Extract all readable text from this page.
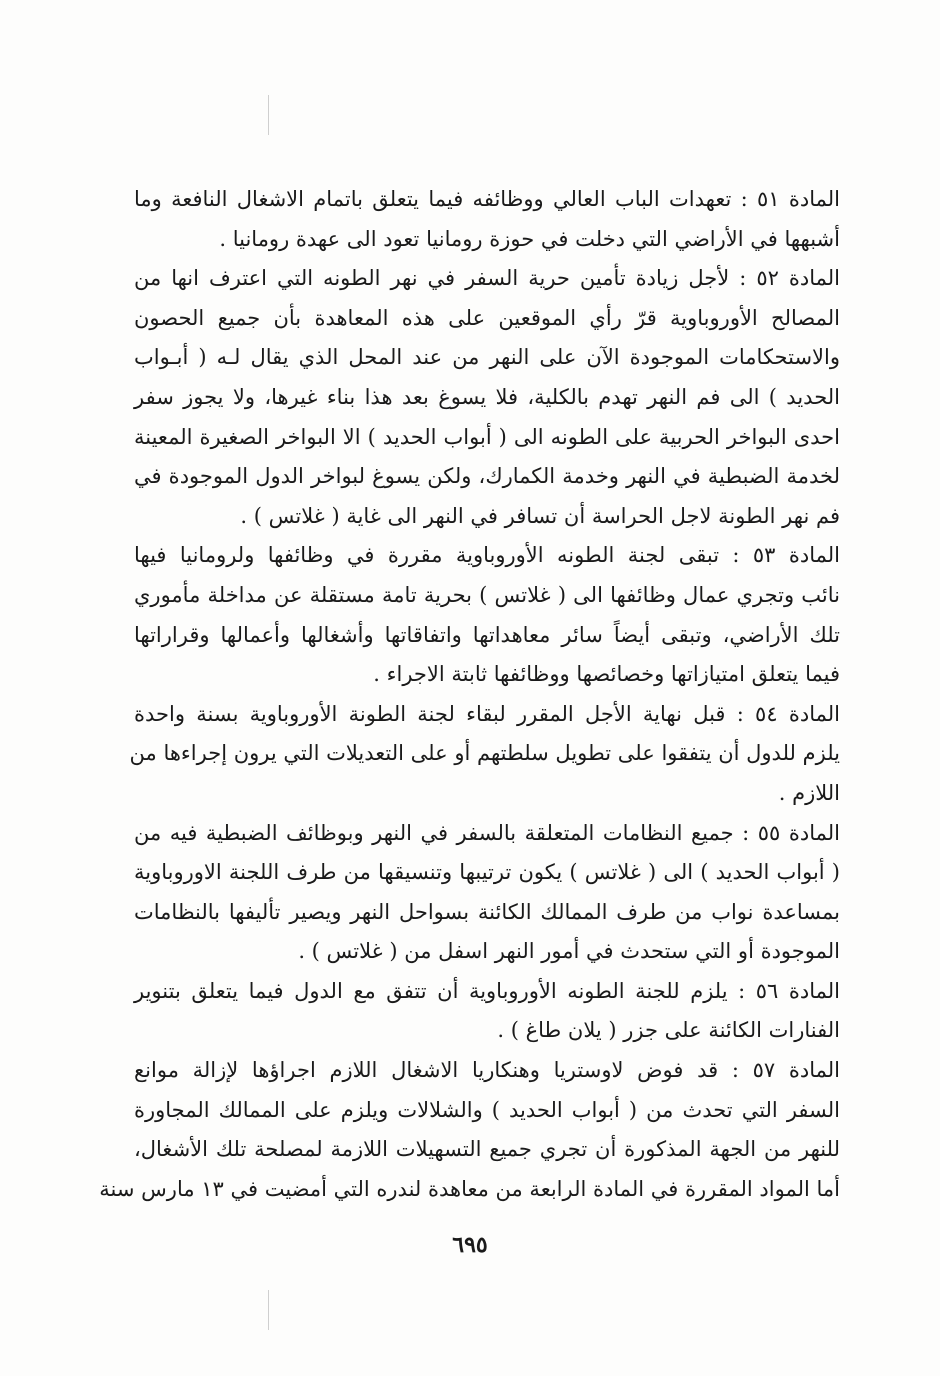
المادة ٥١ : تعهدات الباب العالي ووظائفه فيما يتعلق باتمام الاشغال النافعة وما
أشبهها في الأراضي التي دخلت في حوزة رومانيا تعود الى عهدة رومانيا .
المادة ٥٢ : لأجل زيادة تأمين حرية السفر في نهر الطونه التي اعترف انها من
المصالح الأوروباوية قرّ رأي الموقعين على هذه المعاهدة بأن جميع الحصون
والاستحكامات الموجودة الآن على النهر من عند المحل الذي يقال لـه ( أبـواب
الحديد ) الى فم النهر تهدم بالكلية، فلا يسوغ بعد هذا بناء غيرها، ولا يجوز سفر
احدى البواخر الحربية على الطونه الى ( أبواب الحديد ) الا البواخر الصغيرة المعينة
لخدمة الضبطية في النهر وخدمة الكمارك، ولكن يسوغ لبواخر الدول الموجودة في
فم نهر الطونة لاجل الحراسة أن تسافر في النهر الى غاية ( غلاتس ) .
المادة ٥٣ : تبقى لجنة الطونه الأوروباوية مقررة في وظائفها ولرومانيا فيها
نائب وتجري عمال وظائفها الى ( غلاتس ) بحرية تامة مستقلة عن مداخلة مأموري
تلك الأراضي، وتبقى أيضاً سائر معاهداتها واتفاقاتها وأشغالها وأعمالها وقراراتها
فيما يتعلق امتيازاتها وخصائصها ووظائفها ثابتة الاجراء .
المادة ٥٤ : قبل نهاية الأجل المقرر لبقاء لجنة الطونة الأوروباوية بسنة واحدة
يلزم للدول أن يتفقوا على تطويل سلطتهم أو على التعديلات التي يرون إجراءها من
اللازم .
المادة ٥٥ : جميع النظامات المتعلقة بالسفر في النهر وبوظائف الضبطية فيه من
( أبواب الحديد ) الى ( غلاتس ) يكون ترتيبها وتنسيقها من طرف اللجنة الاوروباوية
بمساعدة نواب من طرف الممالك الكائنة بسواحل النهر ويصير تأليفها بالنظامات
الموجودة أو التي ستحدث في أمور النهر اسفل من ( غلاتس ) .
المادة ٥٦ : يلزم للجنة الطونه الأوروباوية أن تتفق مع الدول فيما يتعلق بتنوير
الفنارات الكائنة على جزر ( يلان طاغ ) .
المادة ٥٧ : قد فوض لاوستريا وهنكاريا الاشغال اللازم اجراؤها لإزالة موانع
السفر التي تحدث من ( أبواب الحديد ) والشلالات ويلزم على الممالك المجاورة
للنهر من الجهة المذكورة أن تجري جميع التسهيلات اللازمة لمصلحة تلك الأشغال،
أما المواد المقررة في المادة الرابعة من معاهدة لندره التي أمضيت في ١٣ مارس سنة
٦٩٥
